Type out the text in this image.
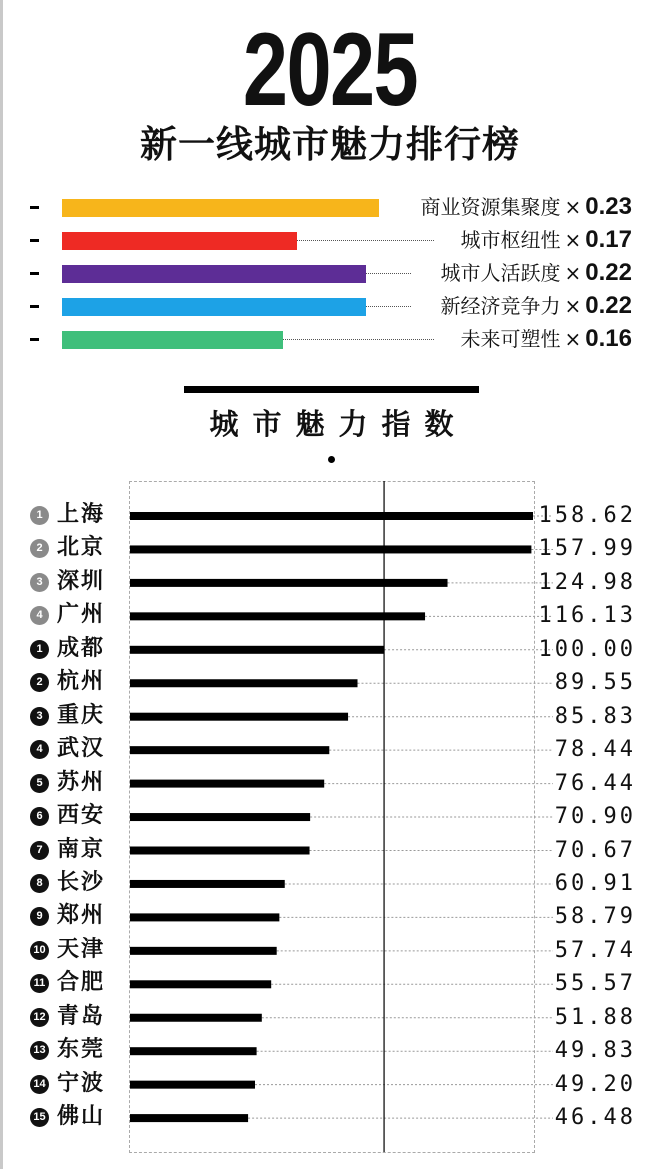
2025
新一线城市魅力排行榜
商业资源集聚度 × 0.23
城市枢纽性 × 0.17
城市人活跃度 × 0.22
新经济竞争力 × 0.22
未来可塑性 × 0.16
城市魅力指数
1 上海	158.62
2 北京	157.99
3 深圳	124.98
4 广州	116.13
1 成都	100.00
2 杭州	89.55
3 重庆	85.83
4 武汉	78.44
5 苏州	76.44
6 西安	70.90
7 南京	70.67
8 长沙	60.91
9 郑州	58.79
10 天津	57.74
11 合肥	55.57
12 青岛	51.88
13 东莞	49.83
14 宁波	49.20
15 佛山	46.48
